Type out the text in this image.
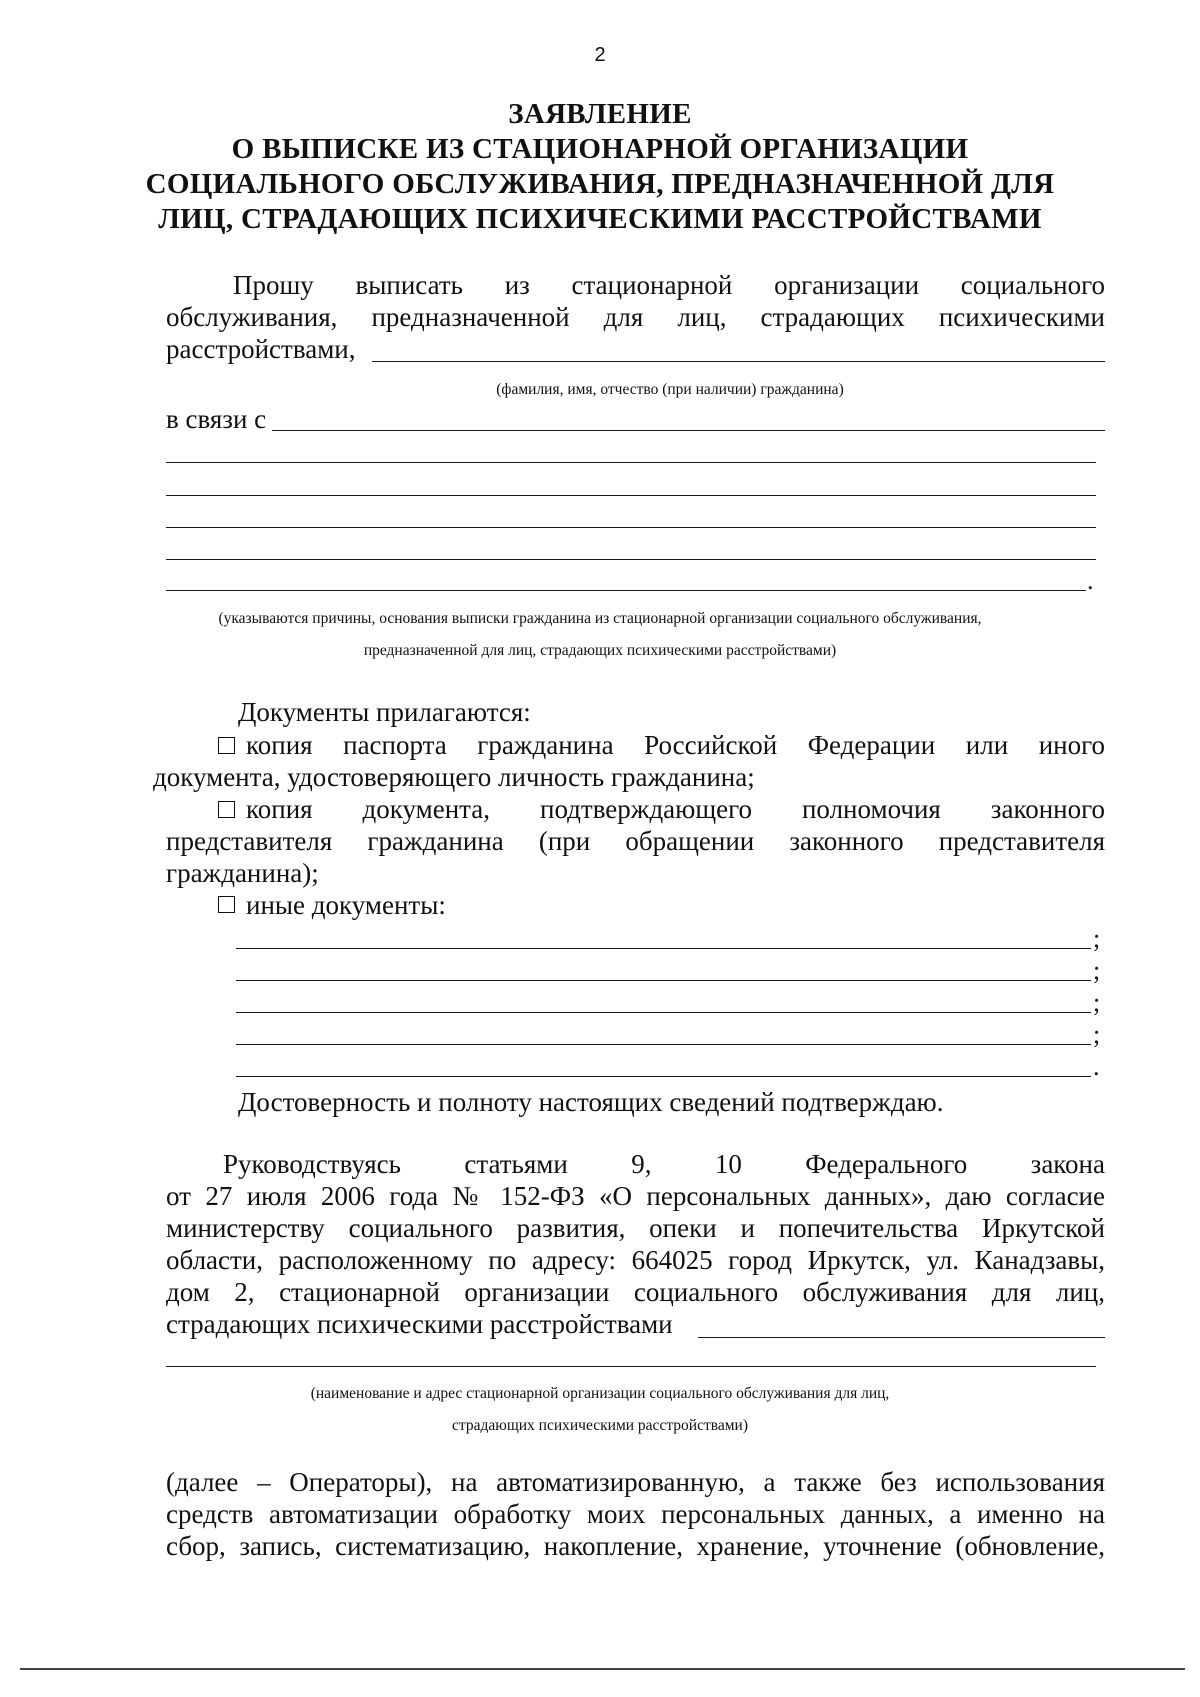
2
ЗАЯВЛЕНИЕ
О ВЫПИСКЕ ИЗ СТАЦИОНАРНОЙ ОРГАНИЗАЦИИ
СОЦИАЛЬНОГО ОБСЛУЖИВАНИЯ, ПРЕДНАЗНАЧЕННОЙ ДЛЯ
ЛИЦ, СТРАДАЮЩИХ ПСИХИЧЕСКИМИ РАССТРОЙСТВАМИ
Прошу выписать из стационарной организации социального
обслуживания, предназначенной для лиц, страдающих психическими
расстройствами,
(фамилия, имя, отчество (при наличии) гражданина)
в связи с
.
(указываются причины, основания выписки гражданина из стационарной организации социального обслуживания,
предназначенной для лиц, страдающих психическими расстройствами)
Документы прилагаются:
копия паспорта гражданина Российской Федерации или иного
документа, удостоверяющего личность гражданина;
копия документа, подтверждающего полномочия законного
представителя гражданина (при обращении законного представителя
гражданина);
иные документы:
;
;
;
;
.
Достоверность и полноту настоящих сведений подтверждаю.
Руководствуясь статьями 9, 10 Федерального закона
от 27 июля 2006 года № 152-ФЗ «О персональных данных», даю согласие
министерству социального развития, опеки и попечительства Иркутской
области, расположенному по адресу: 664025 город Иркутск, ул. Канадзавы,
дом 2, стационарной организации социального обслуживания для лиц,
страдающих психическими расстройствами
(наименование и адрес стационарной организации социального обслуживания для лиц,
страдающих психическими расстройствами)
(далее – Операторы), на автоматизированную, а также без использования
средств автоматизации обработку моих персональных данных, а именно на
сбор, запись, систематизацию, накопление, хранение, уточнение (обновление,
